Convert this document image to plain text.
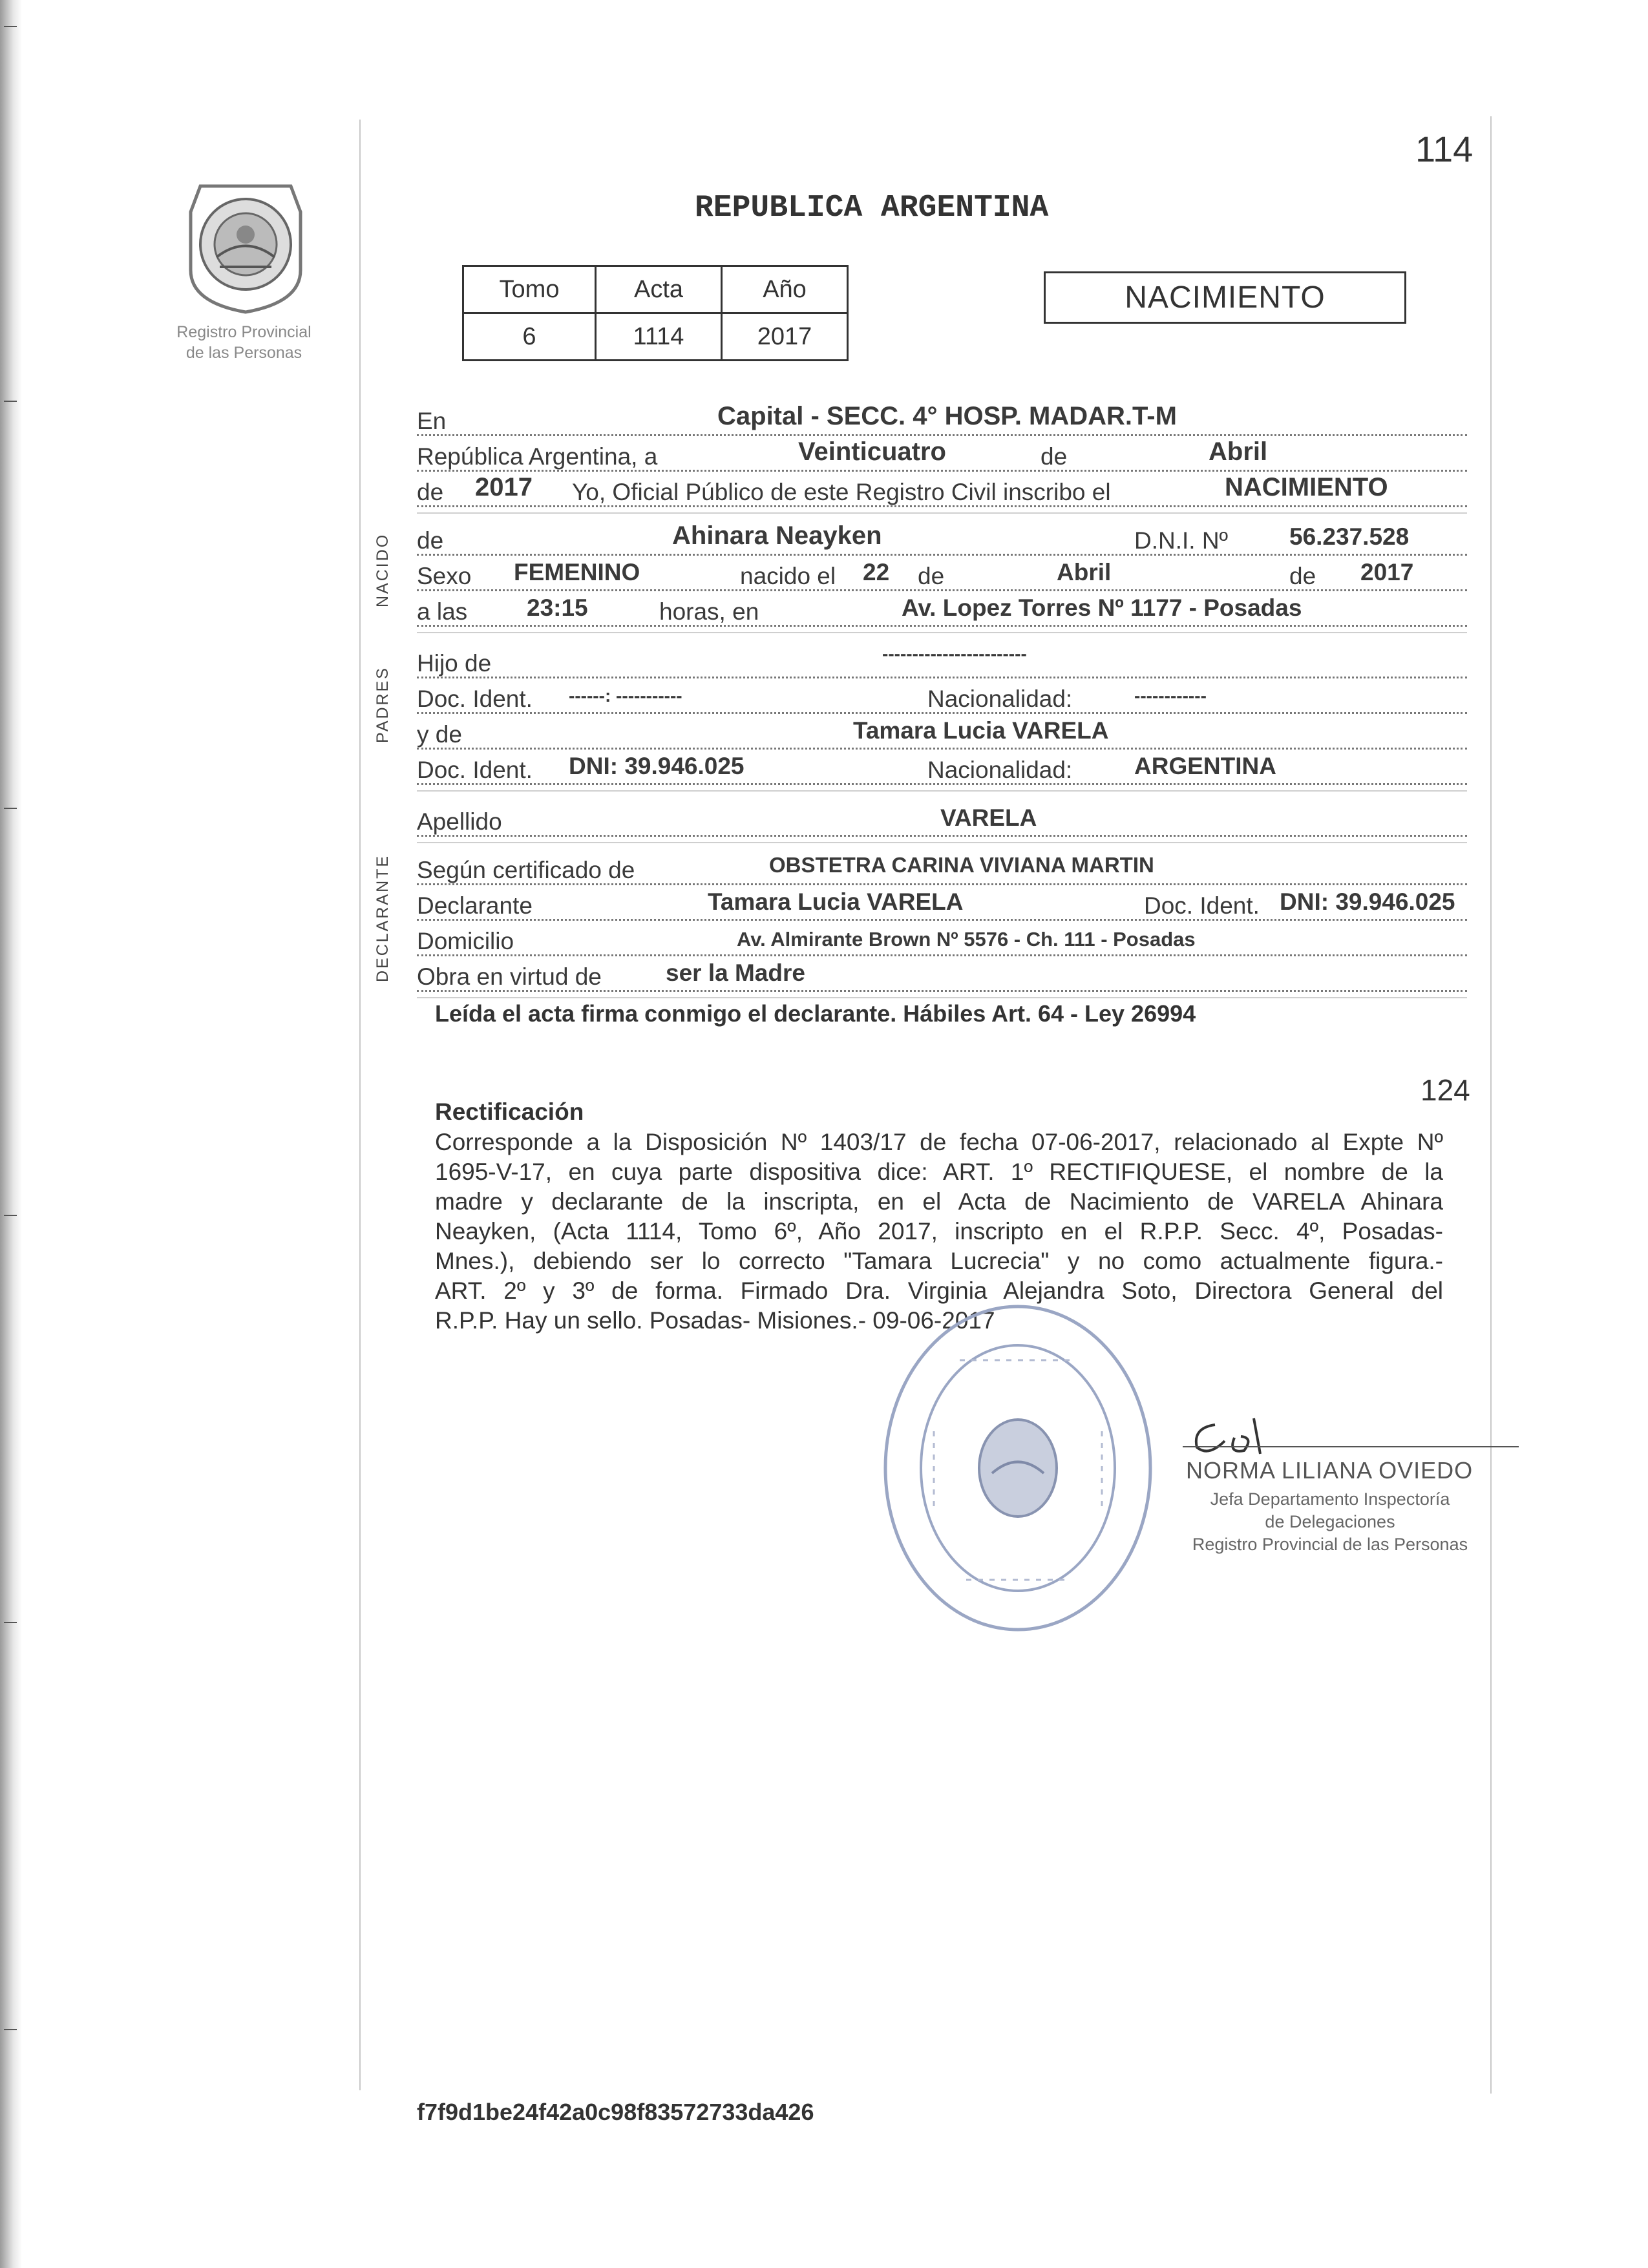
Registro Provincial
de las Personas
114
REPUBLICA ARGENTINA
Tomo	Acta	Año
6	1114	2017
NACIMIENTO
NACIDO
PADRES
DECLARANTE
En	Capital - SECC. 4° HOSP. MADAR.T-M
República Argentina, a	Veinticuatro	de	Abril
de 2017 Yo, Oficial Público de este Registro Civil inscribo el	NACIMIENTO
de	Ahinara Neayken	D.N.I. Nº	56.237.528
Sexo FEMENINO	nacido el 22 de	Abril	de 2017
a las 23:15	horas, en	Av. Lopez Torres Nº 1177 - Posadas
Hijo de	------------------------
Doc. Ident. ------: -----------	Nacionalidad:	------------
y de	Tamara Lucia VARELA
Doc. Ident. DNI: 39.946.025	Nacionalidad:	ARGENTINA
Apellido	VARELA
Según certificado de	OBSTETRA CARINA VIVIANA MARTIN
Declarante	Tamara Lucia VARELA	Doc. Ident. DNI: 39.946.025
Domicilio	Av. Almirante Brown Nº 5576 - Ch. 111 - Posadas
Obra en virtud de	ser la Madre
Leída el acta firma conmigo el declarante. Hábiles Art. 64 - Ley 26994
124
Rectificación
Corresponde a la Disposición Nº 1403/17 de fecha 07-06-2017, relacionado al Expte Nº
1695-V-17, en cuya parte dispositiva dice: ART. 1º RECTIFIQUESE, el nombre de la
madre y declarante de la inscripta, en el Acta de Nacimiento de VARELA Ahinara
Neayken, (Acta 1114, Tomo 6º, Año 2017, inscripto en el R.P.P. Secc. 4º, Posadas-
Mnes.), debiendo ser lo correcto "Tamara Lucrecia" y no como actualmente figura.-
ART. 2º y 3º de forma. Firmado Dra. Virginia Alejandra Soto, Directora General del
R.P.P. Hay un sello. Posadas- Misiones.- 09-06-2017
NORMA LILIANA OVIEDO
Jefa Departamento Inspectoría
de Delegaciones
Registro Provincial de las Personas
f7f9d1be24f42a0c98f83572733da426
